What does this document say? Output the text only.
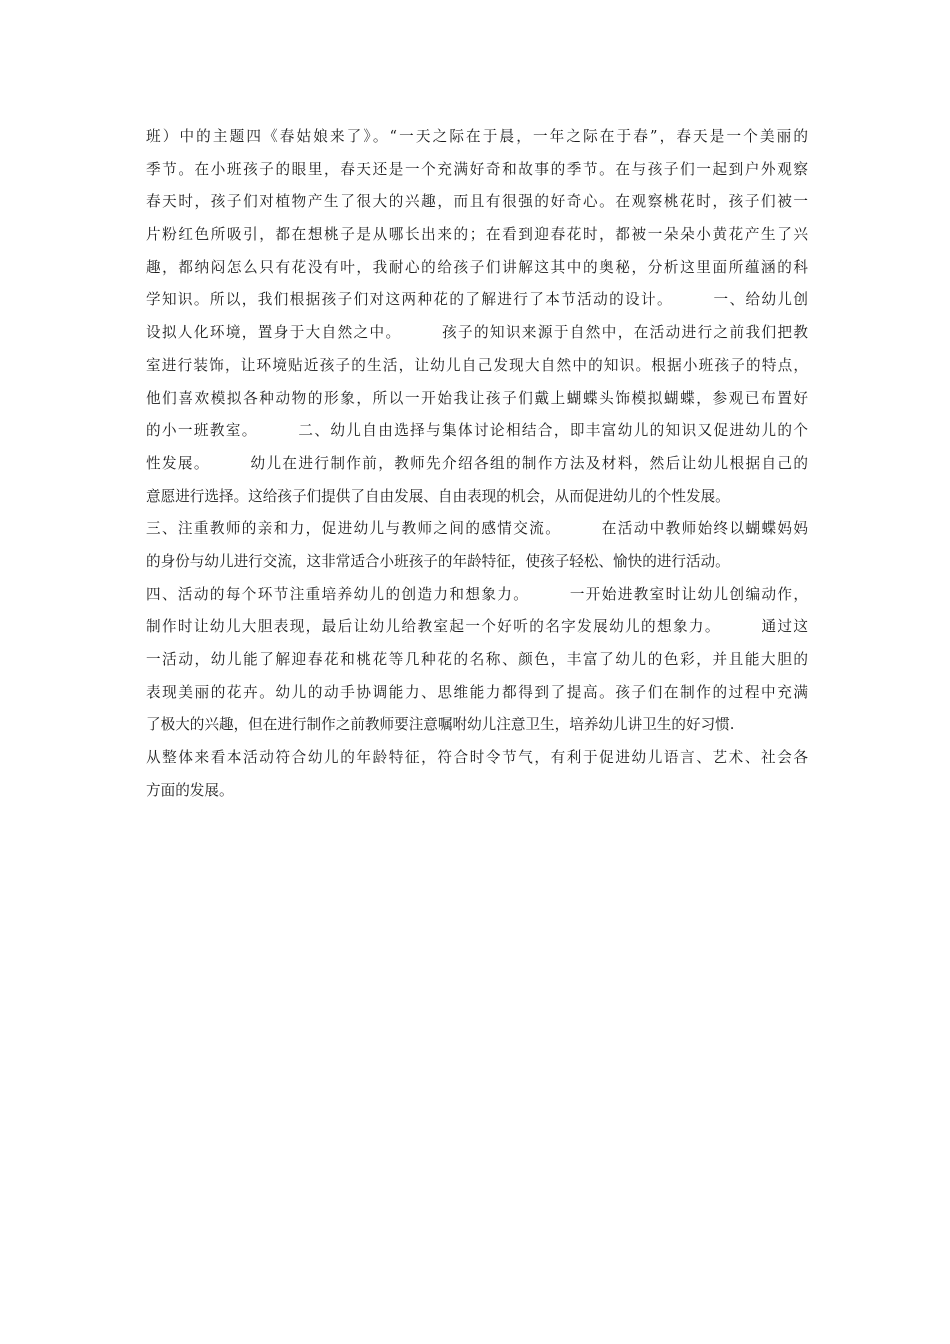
班）中的主题四《春姑娘来了》。“一天之际在于晨，一年之际在于春”，春天是一个美丽的
季节。在小班孩子的眼里，春天还是一个充满好奇和故事的季节。在与孩子们一起到户外观察
春天时，孩子们对植物产生了很大的兴趣，而且有很强的好奇心。在观察桃花时，孩子们被一
片粉红色所吸引，都在想桃子是从哪长出来的；在看到迎春花时，都被一朵朵小黄花产生了兴
趣，都纳闷怎么只有花没有叶，我耐心的给孩子们讲解这其中的奥秘，分析这里面所蕴涵的科
学知识。所以，我们根据孩子们对这两种花的了解进行了本节活动的设计。　　　一、给幼儿创
设拟人化环境，置身于大自然之中。　　　孩子的知识来源于自然中，在活动进行之前我们把教
室进行装饰，让环境贴近孩子的生活，让幼儿自己发现大自然中的知识。根据小班孩子的特点，
他们喜欢模拟各种动物的形象，所以一开始我让孩子们戴上蝴蝶头饰模拟蝴蝶，参观已布置好
的小一班教室。　　　二、幼儿自由选择与集体讨论相结合，即丰富幼儿的知识又促进幼儿的个
性发展。　　　幼儿在进行制作前，教师先介绍各组的制作方法及材料，然后让幼儿根据自己的
意愿进行选择。这给孩子们提供了自由发展、自由表现的机会，从而促进幼儿的个性发展。
三、注重教师的亲和力，促进幼儿与教师之间的感情交流。　　　在活动中教师始终以蝴蝶妈妈
的身份与幼儿进行交流，这非常适合小班孩子的年龄特征，使孩子轻松、愉快的进行活动。
四、活动的每个环节注重培养幼儿的创造力和想象力。　　　一开始进教室时让幼儿创编动作，
制作时让幼儿大胆表现，最后让幼儿给教室起一个好听的名字发展幼儿的想象力。　　　通过这
一活动，幼儿能了解迎春花和桃花等几种花的名称、颜色，丰富了幼儿的色彩，并且能大胆的
表现美丽的花卉。幼儿的动手协调能力、思维能力都得到了提高。孩子们在制作的过程中充满
了极大的兴趣，但在进行制作之前教师要注意嘱咐幼儿注意卫生，培养幼儿讲卫生的好习惯.
从整体来看本活动符合幼儿的年龄特征，符合时令节气，有利于促进幼儿语言、艺术、社会各
方面的发展。
